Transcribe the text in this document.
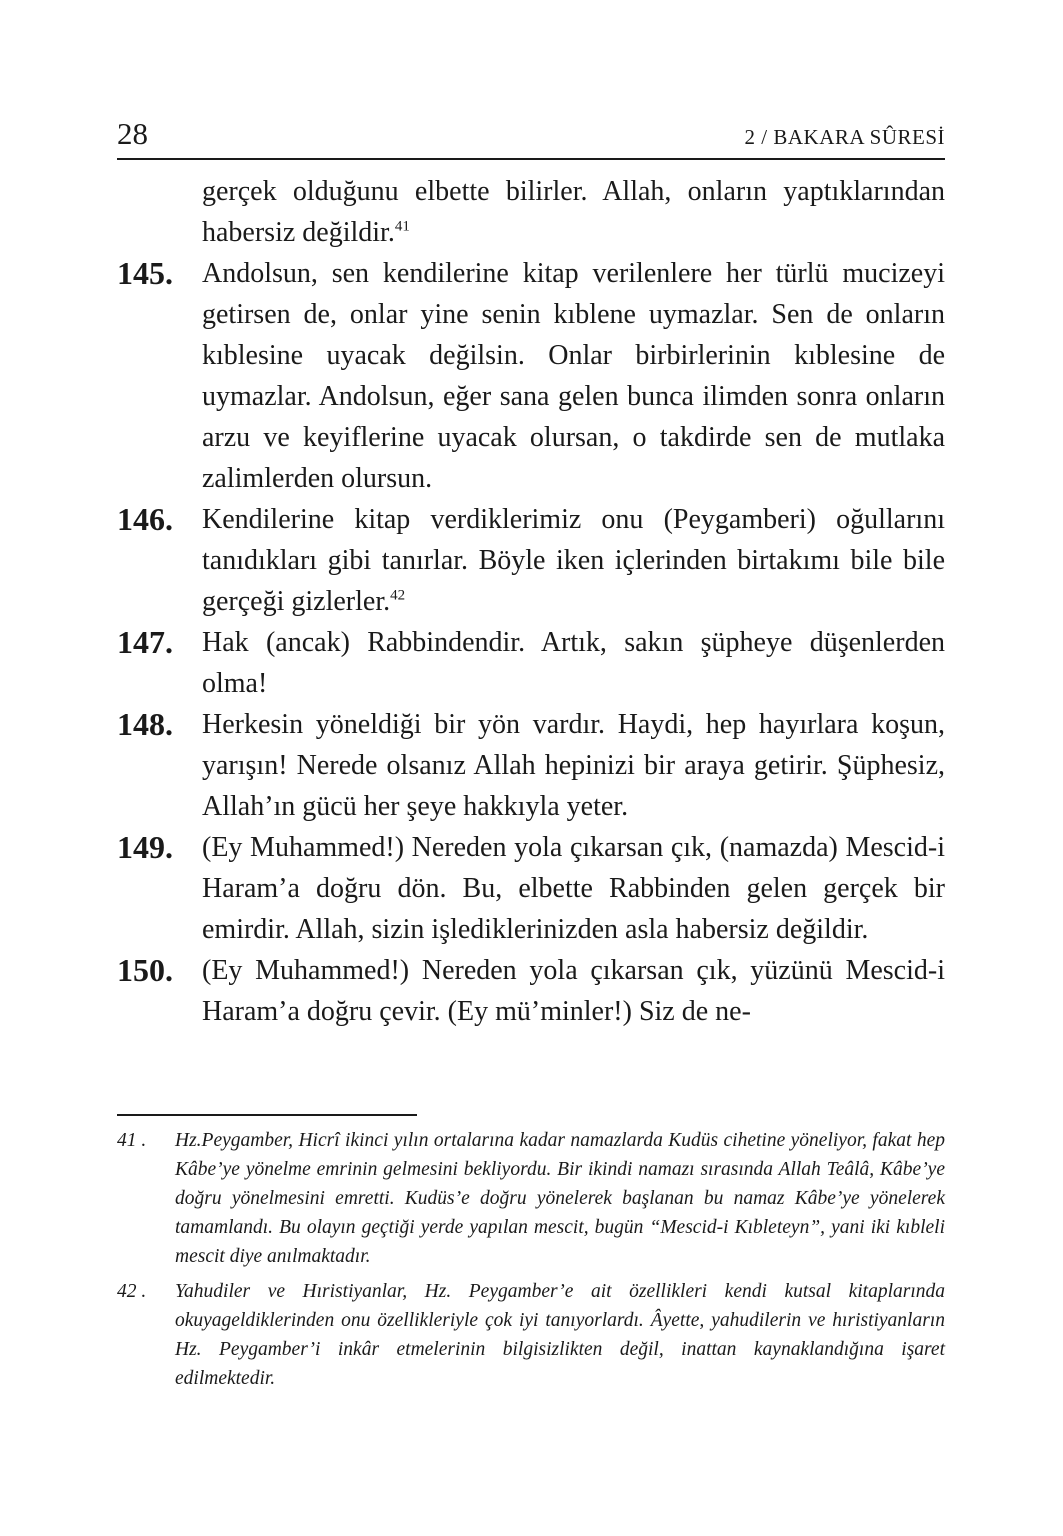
28	2 / BAKARA SÛRESİ
gerçek olduğunu elbette bilirler. Allah, onların yaptıklarından habersiz değildir.$^{41}$
145.	Andolsun, sen kendilerine kitap verilenlere her türlü mucizeyi getirsen de, onlar yine senin kıblene uymazlar. Sen de onların kıblesine uyacak değilsin. Onlar birbirlerinin kıblesine de uymazlar. Andolsun, eğer sana gelen bunca ilimden sonra onların arzu ve keyiflerine uyacak olursan, o takdirde sen de mutlaka zalimlerden olursun.
146.	Kendilerine kitap verdiklerimiz onu (Peygamberi) oğullarını tanıdıkları gibi tanırlar. Böyle iken içlerinden birtakımı bile bile gerçeği gizlerler.$^{42}$
147.	Hak (ancak) Rabbindendir. Artık, sakın şüpheye düşenlerden olma!
148.	Herkesin yöneldiği bir yön vardır. Haydi, hep hayırlara koşun, yarışın! Nerede olsanız Allah hepinizi bir araya getirir. Şüphesiz, Allah’ın gücü her şeye hakkıyla yeter.
149.	(Ey Muhammed!) Nereden yola çıkarsan çık, (namazda) Mescid-i Haram’a doğru dön. Bu, elbette Rabbinden gelen gerçek bir emirdir. Allah, sizin işlediklerinizden asla habersiz değildir.
150.	(Ey Muhammed!) Nereden yola çıkarsan çık, yüzünü Mescid-i Haram’a doğru çevir. (Ey mü’minler!) Siz de ne-
41 .	Hz.Peygamber, Hicrî ikinci yılın ortalarına kadar namazlarda Kudüs cihetine yöneliyor, fakat hep Kâbe’ye yönelme emrinin gelmesini bekliyordu. Bir ikindi namazı sırasında Allah Teâlâ, Kâbe’ye doğru yönelmesini emretti. Kudüs’e doğru yönelerek başlanan bu namaz Kâbe’ye yönelerek tamamlandı. Bu olayın geçtiği yerde yapılan mescit, bugün “Mescid-i Kıbleteyn”, yani iki kıbleli mescit diye anılmaktadır.
42 .	Yahudiler ve Hıristiyanlar, Hz. Peygamber’e ait özellikleri kendi kutsal kitaplarında okuyageldiklerinden onu özellikleriyle çok iyi tanıyorlardı. Âyette, yahudilerin ve hıristiyanların Hz. Peygamber’i inkâr etmelerinin bilgisizlikten değil, inattan kaynaklandığına işaret edilmektedir.
